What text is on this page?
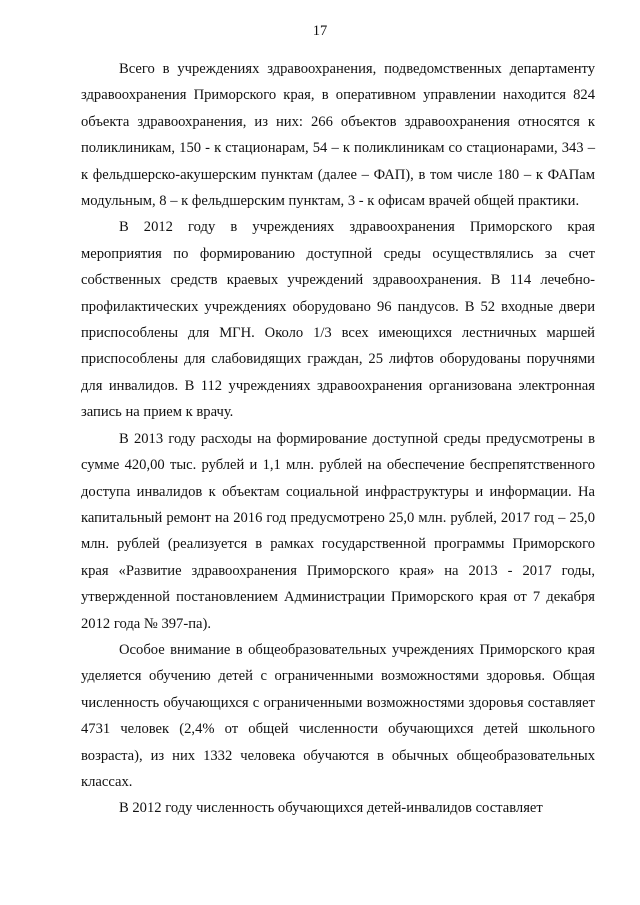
17

Всего в учреждениях здравоохранения, подведомственных департаменту здравоохранения Приморского края, в оперативном управлении находится 824 объекта здравоохранения, из них: 266 объектов здравоохранения относятся к поликлиникам, 150 - к стационарам, 54 – к поликлиникам со стационарами, 343 – к фельдшерско-акушерским пунктам (далее – ФАП), в том числе 180 – к ФАПам модульным, 8 – к фельдшерским пунктам, 3 - к офисам врачей общей практики.

В 2012 году в учреждениях здравоохранения Приморского края мероприятия по формированию доступной среды осуществлялись за счет собственных средств краевых учреждений здравоохранения. В 114 лечебно-профилактических учреждениях оборудовано 96 пандусов. В 52 входные двери приспособлены для МГН. Около 1/3 всех имеющихся лестничных маршей приспособлены для слабовидящих граждан, 25 лифтов оборудованы поручнями для инвалидов. В 112 учреждениях здравоохранения организована электронная запись на прием к врачу.

В 2013 году расходы на формирование доступной среды предусмотрены в сумме 420,00 тыс. рублей и 1,1 млн. рублей на обеспечение беспрепятственного доступа инвалидов к объектам социальной инфраструктуры и информации. На капитальный ремонт на 2016 год предусмотрено 25,0 млн. рублей, 2017 год – 25,0 млн. рублей (реализуется в рамках государственной программы Приморского края «Развитие здравоохранения Приморского края» на 2013 - 2017 годы, утвержденной постановлением Администрации Приморского края от 7 декабря 2012 года № 397-па).

Особое внимание в общеобразовательных учреждениях Приморского края уделяется обучению детей с ограниченными возможностями здоровья. Общая численность обучающихся с ограниченными возможностями здоровья составляет 4731 человек (2,4% от общей численности обучающихся детей школьного возраста), из них 1332 человека обучаются в обычных общеобразовательных классах.

В 2012 году численность обучающихся детей-инвалидов составляет
